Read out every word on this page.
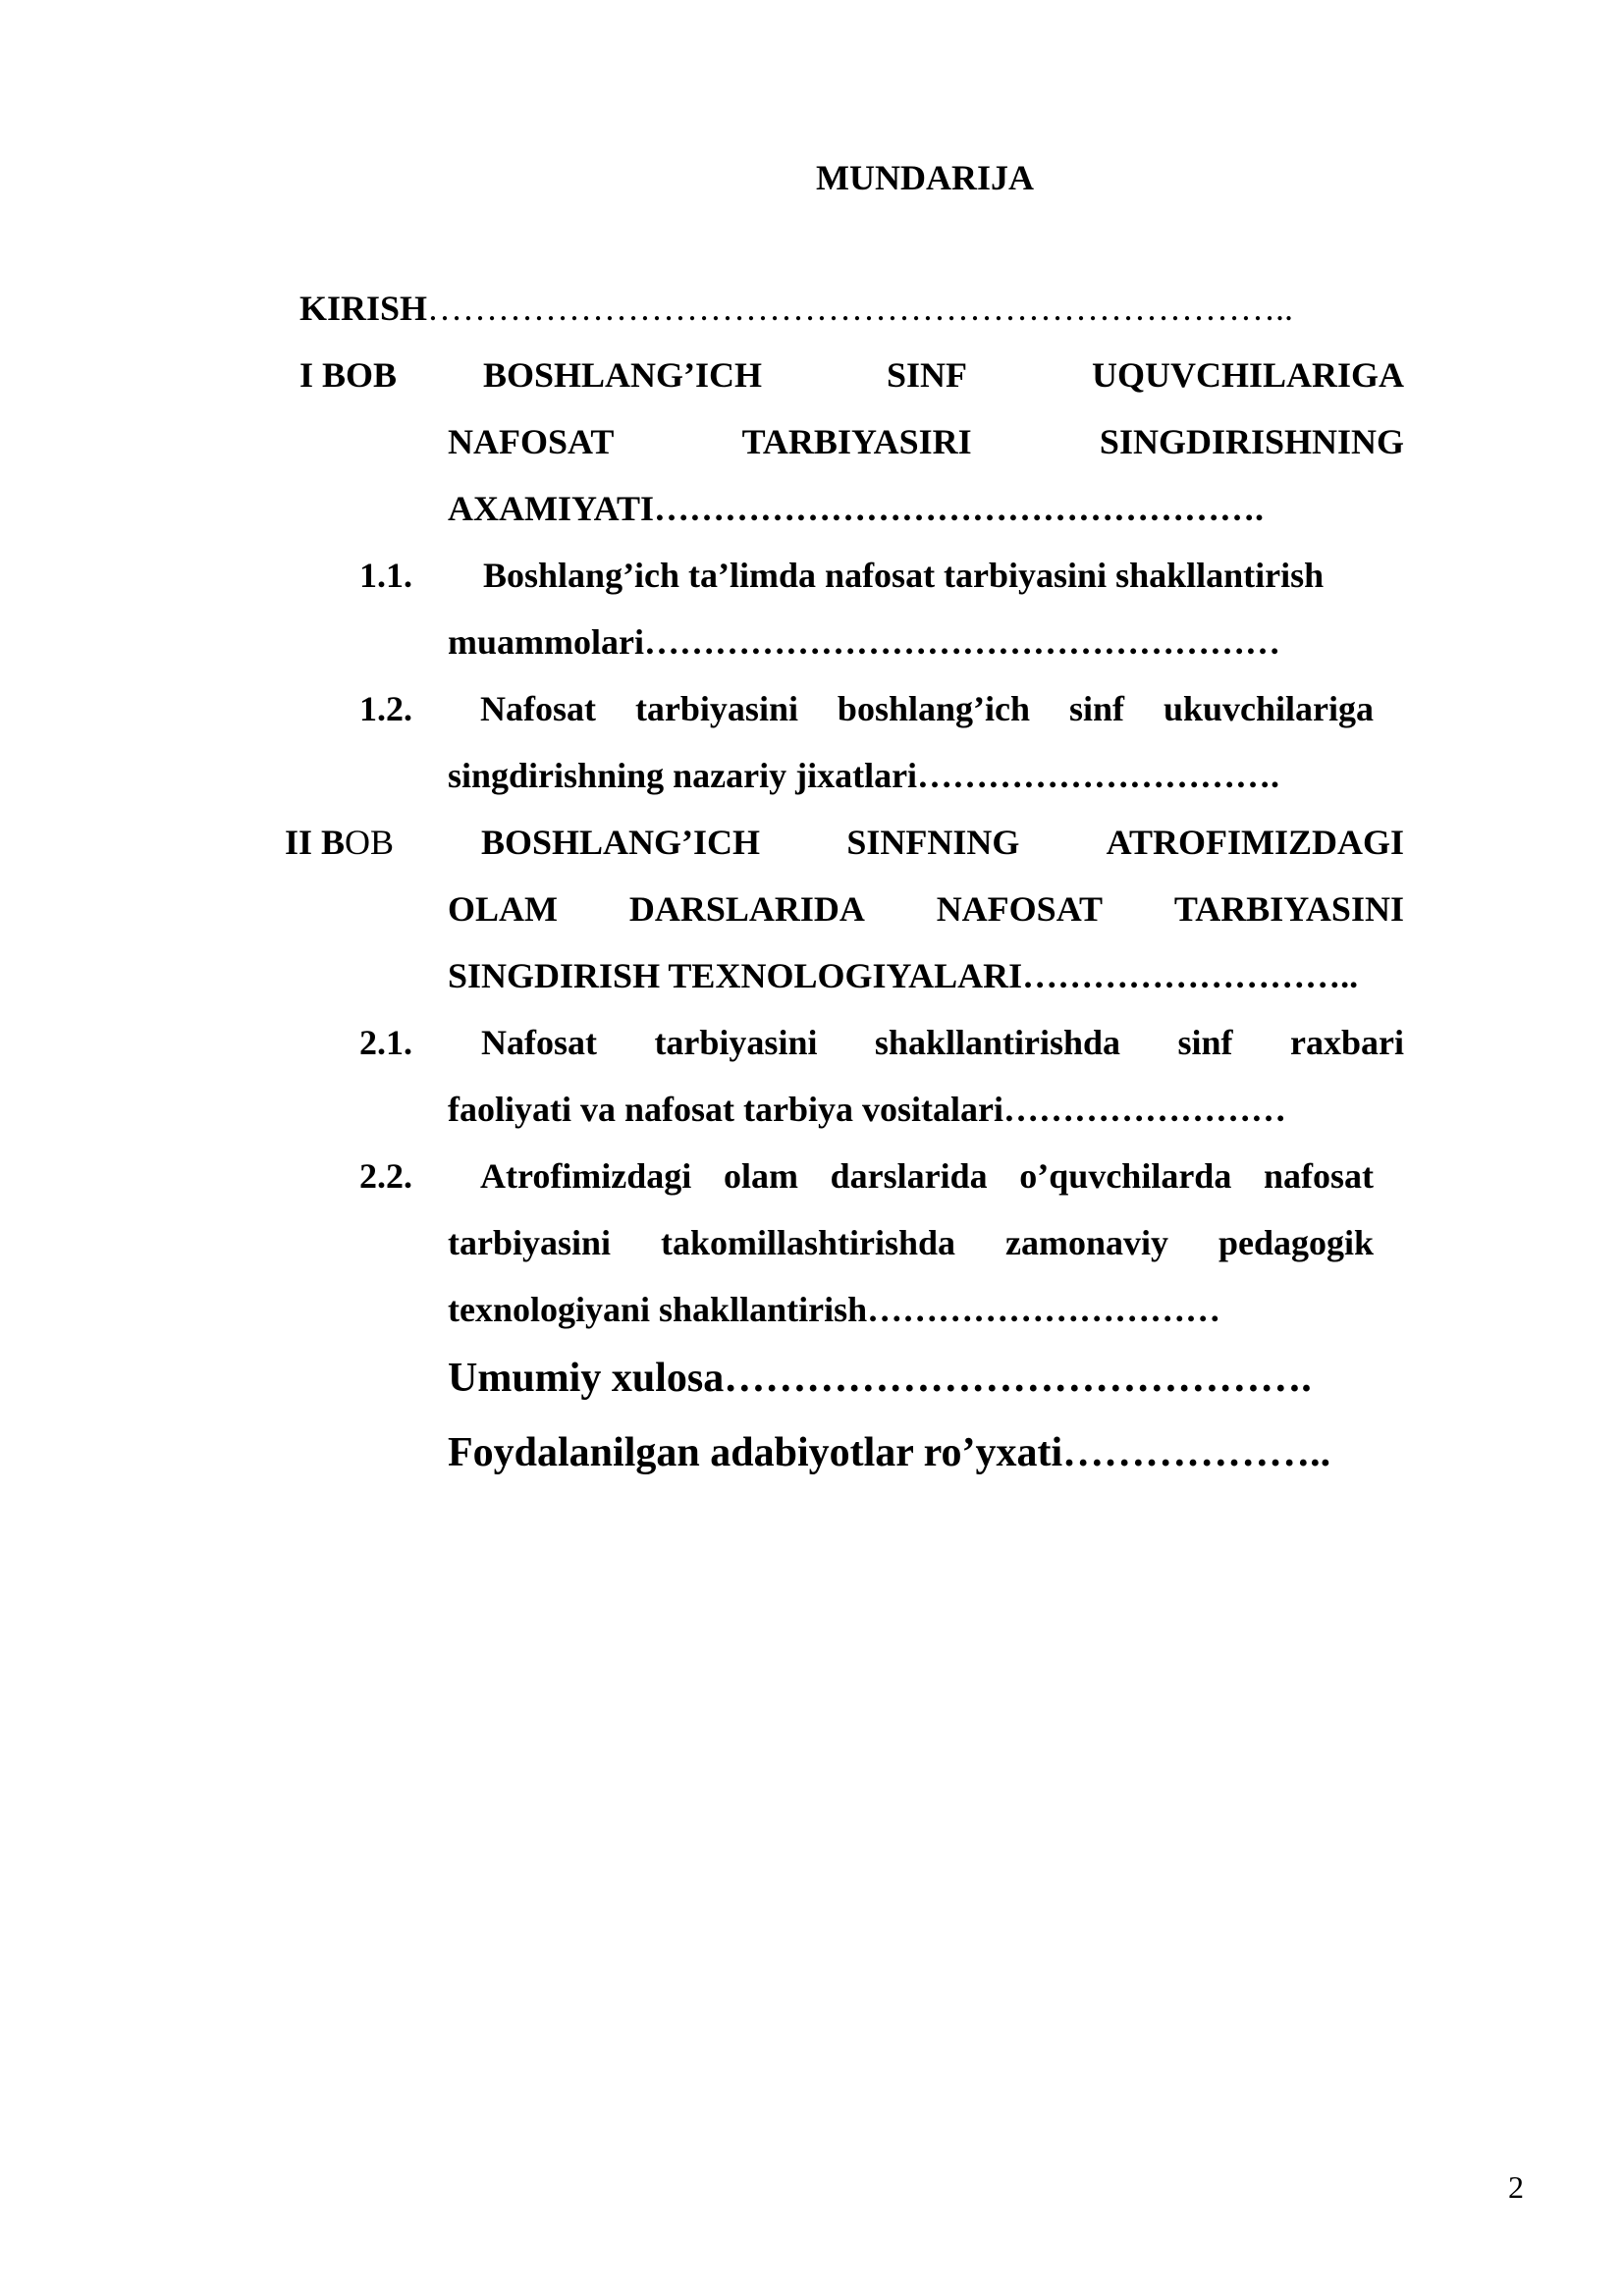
MUNDARIJA
KIRISH………………………………………………………………..
I BOB BOSHLANG’ICH	SINF	UQUVCHILARIGA
NAFOSAT	TARBIYASIRI	SINGDIRISHNING
AXAMIYATI…………………………………………….
1.1. Boshlang’ich ta’limda nafosat tarbiyasini shakllantirish
muammolari………………………………………………
1.2. Nafosat tarbiyasini boshlang’ich sinf ukuvchilariga
singdirishning nazariy jixatlari………………………….
II BOB BOSHLANG’ICH SINFNING ATROFIMIZDAGI
OLAM DARSLARIDA NAFOSAT TARBIYASINI
SINGDIRISH TEXNOLOGIYALARI………………………..
2.1. Nafosat tarbiyasini shakllantirishda sinf raxbari
faoliyati va nafosat tarbiya vositalari……………………
2.2. Atrofimizdagi olam darslarida o’quvchilarda nafosat
tarbiyasini takomillashtirishda zamonaviy pedagogik
texnologiyani shakllantirish…………………………
Umumiy xulosa…………………………………….
Foydalanilgan adabiyotlar ro’yxati………………..
2
